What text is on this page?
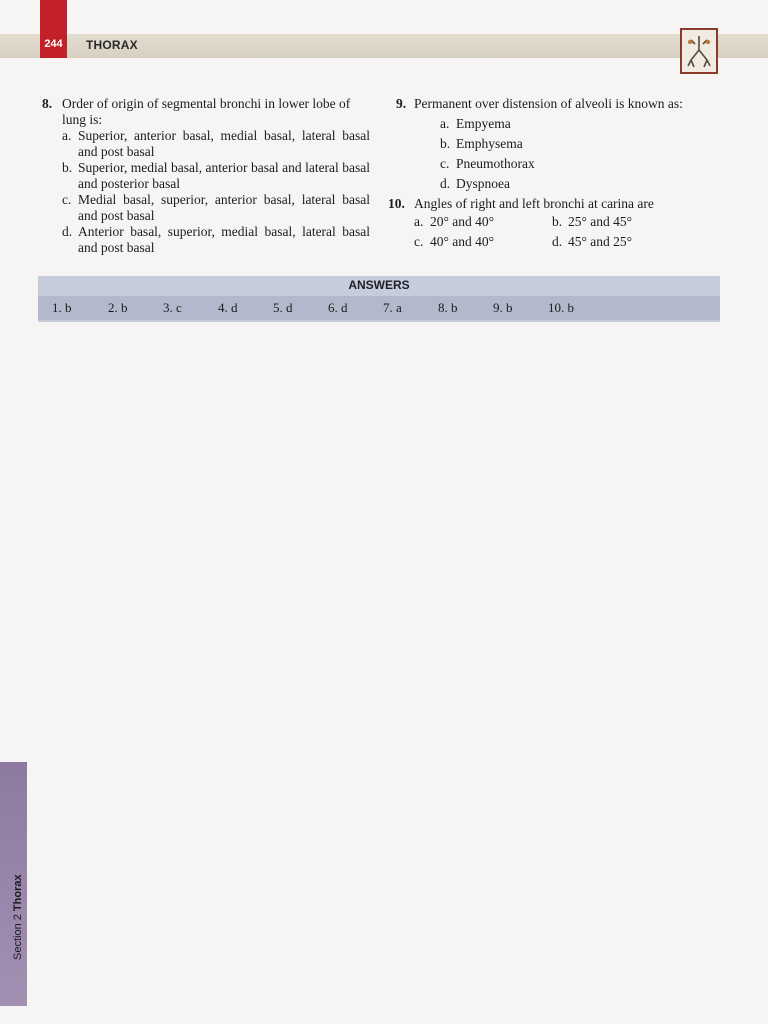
244	THORAX
8. Order of origin of segmental bronchi in lower lobe of lung is:
a. Superior, anterior basal, medial basal, lateral basal and post basal
b. Superior, medial basal, anterior basal and lateral basal and posterior basal
c. Medial basal, superior, anterior basal, lateral basal and post basal
d. Anterior basal, superior, medial basal, lateral basal and post basal
9. Permanent over distension of alveoli is known as:
a. Empyema
b. Emphysema
c. Pneumothorax
d. Dyspnoea
10. Angles of right and left bronchi at carina are
a. 20° and 40°	b. 25° and 45°
c. 40° and 40°	d. 45° and 25°
ANSWERS
1. b	2. b	3. c	4. d	5. d	6. d	7. a	8. b	9. b	10. b
Section 2 Thorax
